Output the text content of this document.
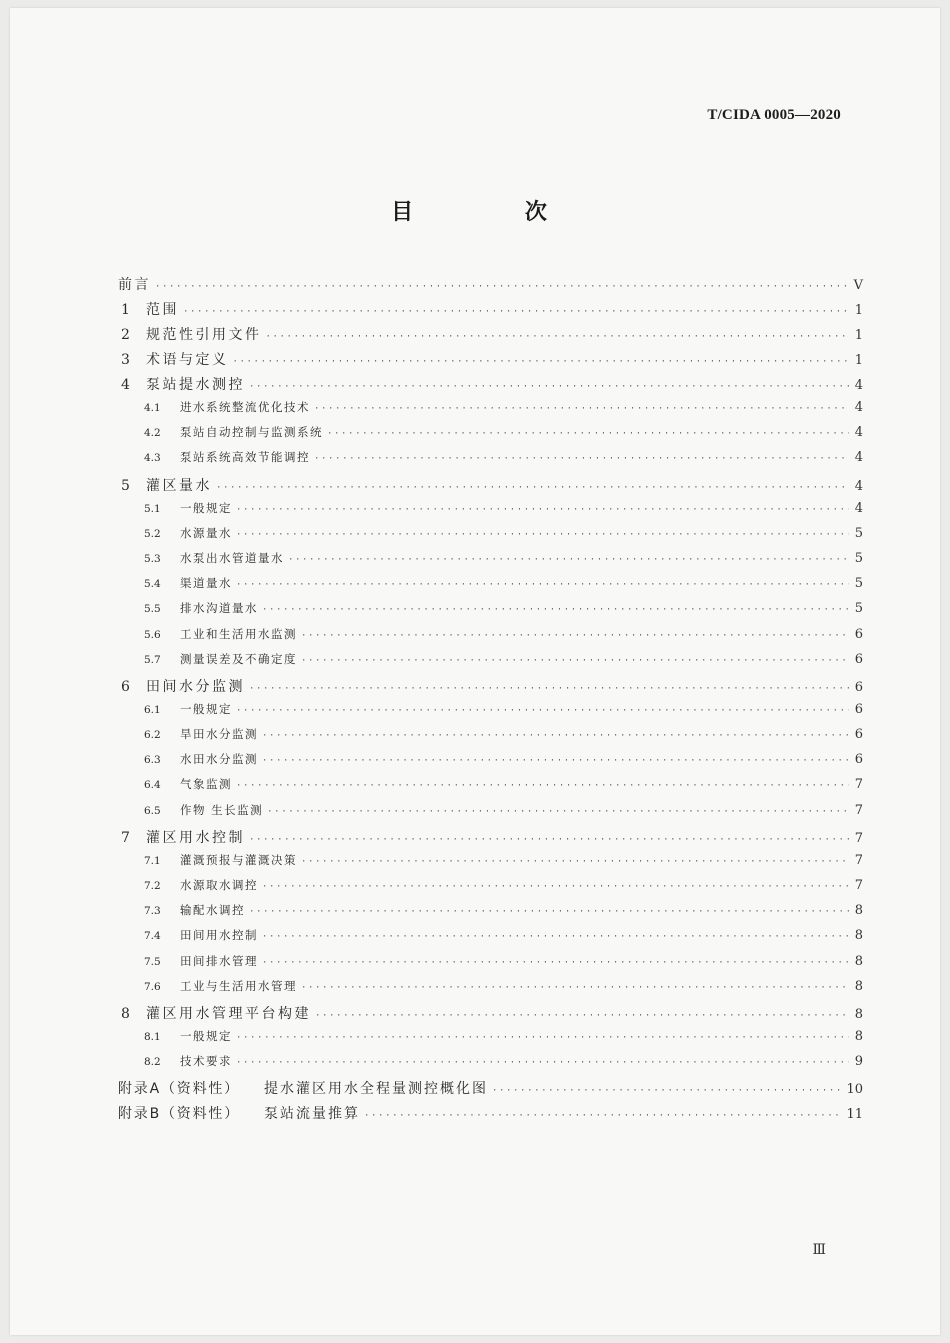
T/CIDA 0005—2020
目 次
前言 ·····	V
1	范围 ·····	1
2	规范性引用文件 ·····	1
3	术语与定义 ·····	1
4	泵站提水测控 ·····	4
4.1	进水系统整流优化技术 ·····	4
4.2	泵站自动控制与监测系统 ·····	4
4.3	泵站系统高效节能调控 ·····	4
5	灌区量水 ·····	4
5.1	一般规定 ·····	4
5.2	水源量水 ·····	5
5.3	水泵出水管道量水 ·····	5
5.4	渠道量水 ·····	5
5.5	排水沟道量水 ·····	5
5.6	工业和生活用水监测 ·····	6
5.7	测量误差及不确定度 ·····	6
6	田间水分监测 ·····	6
6.1	一般规定 ·····	6
6.2	旱田水分监测 ·····	6
6.3	水田水分监测 ·····	6
6.4	气象监测 ·····	7
6.5	作物 生长监测 ·····	7
7	灌区用水控制 ·····	7
7.1	灌溉预报与灌溉决策 ·····	7
7.2	水源取水调控 ·····	7
7.3	输配水调控 ·····	8
7.4	田间用水控制 ·····	8
7.5	田间排水管理 ·····	8
7.6	工业与生活用水管理 ·····	8
8	灌区用水管理平台构建 ·····	8
8.1	一般规定 ·····	8
8.2	技术要求 ·····	9
附录A（资料性） 提水灌区用水全程量测控概化图 ·····	10
附录B（资料性） 泵站流量推算 ·····	11
Ⅲ
